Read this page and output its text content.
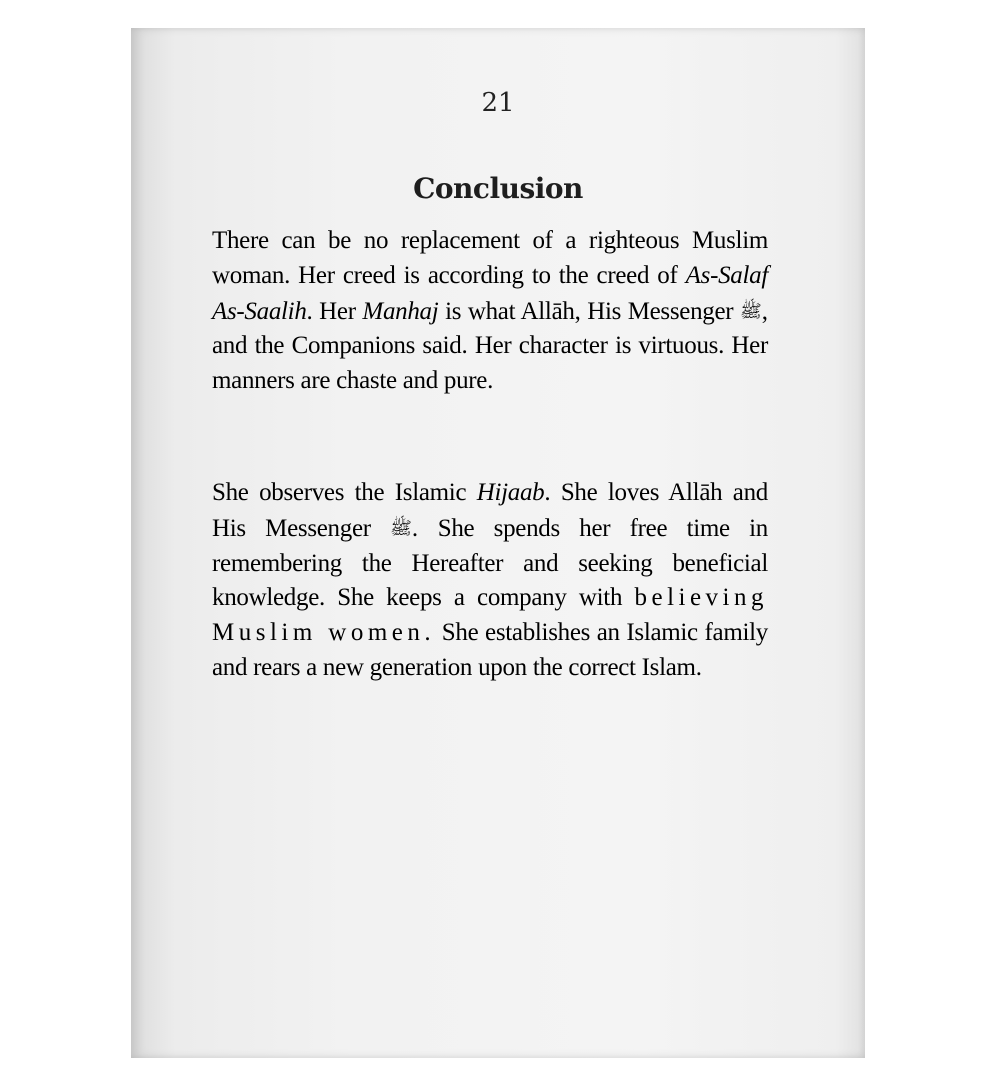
21
Conclusion

There can be no replacement of a righteous Muslim woman. Her creed is according to the creed of As-Salaf As-Saalih. Her Manhaj is what Allāh, His Messenger ﷺ, and the Companions said. Her character is virtuous. Her manners are chaste and pure.

She observes the Islamic Hijaab. She loves Allāh and His Messenger ﷺ. She spends her free time in remembering the Hereafter and seeking beneficial knowledge. She keeps a company with believing Muslim women. She establishes an Islamic family and rears a new generation upon the correct Islam.
